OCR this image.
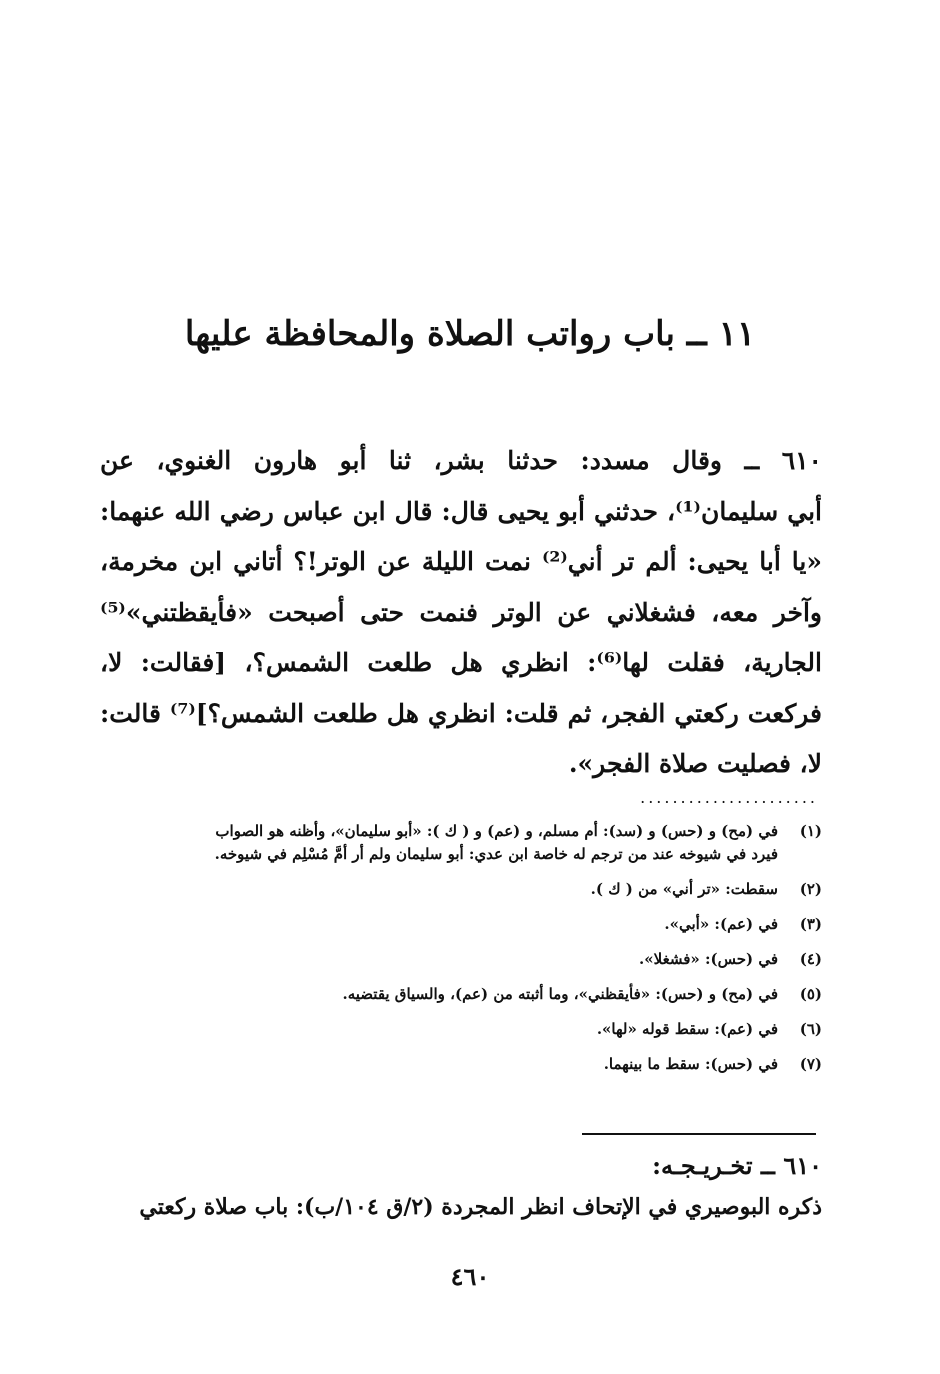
١١ ــ باب رواتب الصلاة والمحافظة عليها
٦١٠ ــ وقال مسدد: حدثنا بشر، ثنا أبو هارون الغنوي، عن
أبي سليمان⁽¹⁾، حدثني أبو يحيى قال: قال ابن عباس رضي الله عنهما:
«يا أبا يحيى: ألم تر أني⁽²⁾ نمت الليلة عن الوتر!؟ أتاني ابن مخرمة،
وآخر معه، فشغلاني عن الوتر فنمت حتى أصبحت «فأيقظتني»⁽⁵⁾
الجارية، فقلت لها⁽⁶⁾: انظري هل طلعت الشمس؟، [فقالت: لا،
فركعت ركعتي الفجر، ثم قلت: انظري هل طلعت الشمس؟]⁽⁷⁾ قالت:
لا، فصليت صلاة الفجر».
......................
(١)
في (مح) و (حس) و (سد): أم مسلم، و (عم) و ( ك ): «أبو سليمان»، وأظنه هو الصواب
فيرد في شيوخه عند من ترجم له خاصة ابن عدي: أبو سليمان ولم أر أمَّ مُسْلِم في شيوخه.
(٢)
سقطت: «تر أني» من ( ك ).
(٣)
في (عم): «أبي».
(٤)
في (حس): «فشغلا».
(٥)
في (مح) و (حس): «فأيقظني»، وما أثبته من (عم)، والسياق يقتضيه.
(٦)
في (عم): سقط قوله «لها».
(٧)
في (حس): سقط ما بينهما.
٦١٠ ــ تخـريـجـه:
ذكره البوصيري في الإتحاف انظر المجردة (٢/ق ١٠٤/ب): باب صلاة ركعتي
٤٦٠
